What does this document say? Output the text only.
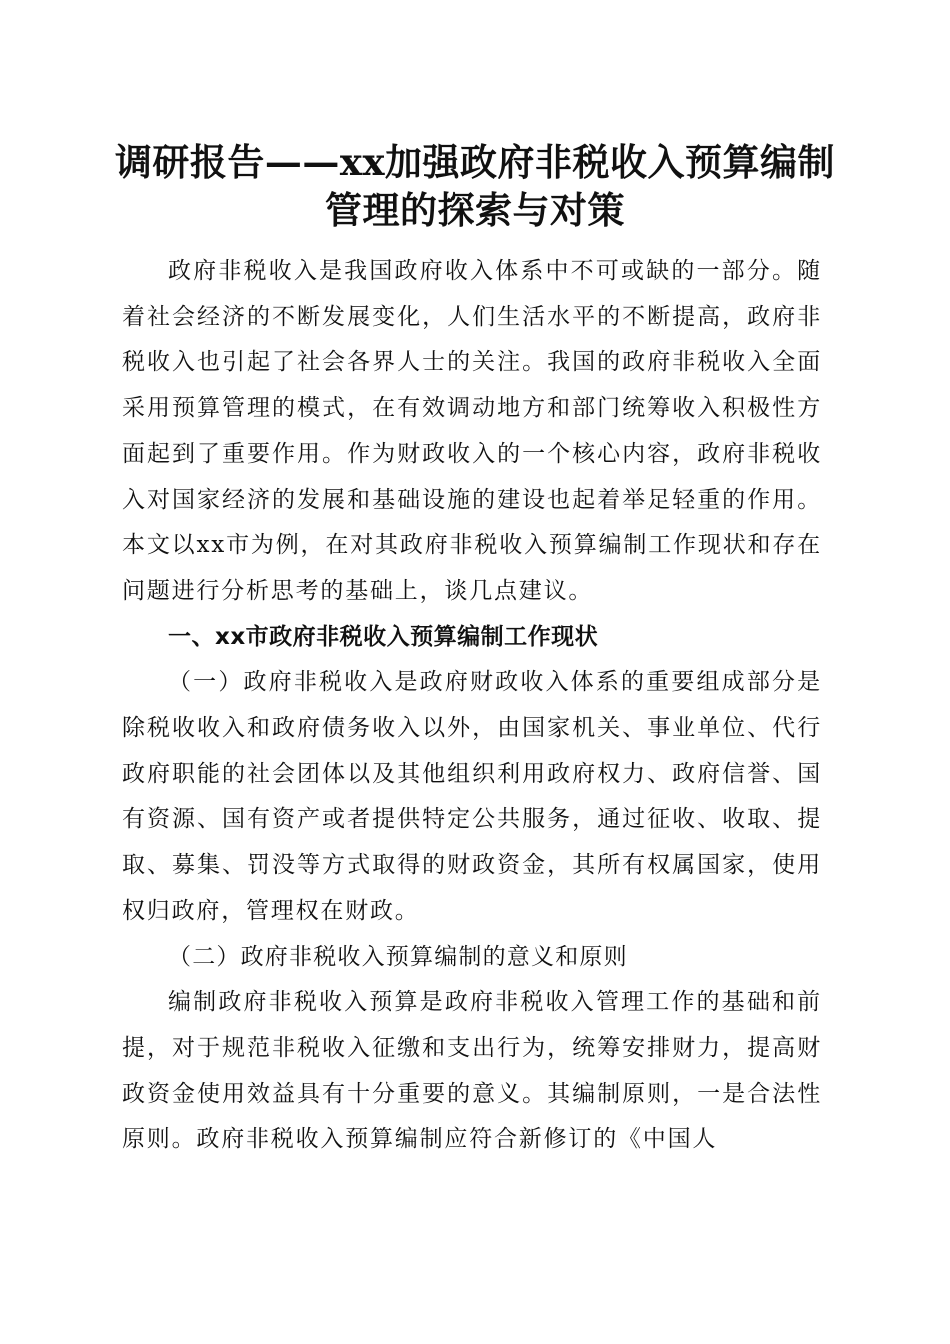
调研报告——xx加强政府非税收入预算编制
管理的探索与对策

政府非税收入是我国政府收入体系中不可或缺的一部分。随着社会经济的不断发展变化，人们生活水平的不断提高，政府非税收入也引起了社会各界人士的关注。我国的政府非税收入全面采用预算管理的模式，在有效调动地方和部门统筹收入积极性方面起到了重要作用。作为财政收入的一个核心内容，政府非税收入对国家经济的发展和基础设施的建设也起着举足轻重的作用。本文以xx市为例，在对其政府非税收入预算编制工作现状和存在问题进行分析思考的基础上，谈几点建议。

一、xx市政府非税收入预算编制工作现状

（一）政府非税收入是政府财政收入体系的重要组成部分是除税收收入和政府债务收入以外，由国家机关、事业单位、代行政府职能的社会团体以及其他组织利用政府权力、政府信誉、国有资源、国有资产或者提供特定公共服务，通过征收、收取、提取、募集、罚没等方式取得的财政资金，其所有权属国家，使用权归政府，管理权在财政。

（二）政府非税收入预算编制的意义和原则

编制政府非税收入预算是政府非税收入管理工作的基础和前提，对于规范非税收入征缴和支出行为，统筹安排财力，提高财政资金使用效益具有十分重要的意义。其编制原则，一是合法性原则。政府非税收入预算编制应符合新修订的《中国人
